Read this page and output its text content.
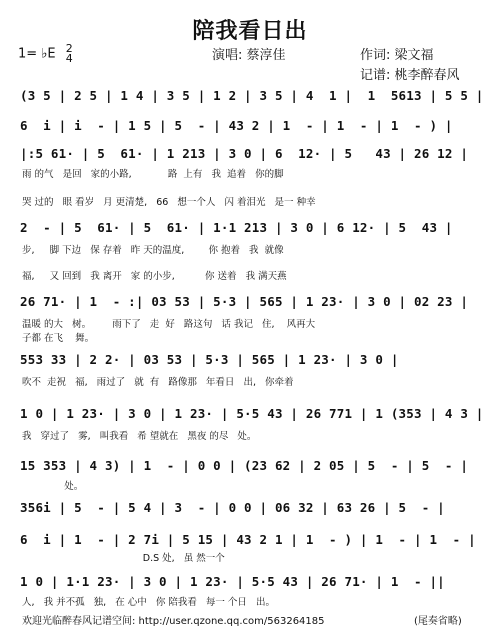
陪我看日出
1= ♭E 2
4	演唱: 蔡淳佳	作词: 梁文福
记谱: 桃李醉春风
(3 5 | 2 5 | 1 4 | 3 5 | 1 2 | 3 5 | 4  1 |  1  5613 | 5 5 |
6  i | i  - | 1 5 | 5  - | 43 2 | 1  - | 1  - | 1  - ) |
|:5 61· | 5  61· | 1 213 | 3 0 | 6  12· | 5   43 | 26 12 |
雨 的气   是回   家的小路,            路  上有   我  追着   你的脚
哭 过的   眼 看岁   月 更清楚,   66   想一个人   闪 着泪光   是一 种幸
2  - | 5  61· | 5  61· | 1·1 213 | 3 0 | 6 12· | 5  43 |
步,     脚 下边   保 存着   昨 天的温度,        你 抱着   我  就像
福,     又 回到   我 离开   家 的小步,          你 送着   我 满天燕
26 71· | 1  - :| 03 53 | 5·3 | 565 | 1 23· | 3 0 | 02 23 |
温暖 的大   树。       雨下了   走  好   路这句   话 我记   住,    风再大
子都 在飞    舞。
553 33 | 2 2· | 03 53 | 5·3 | 565 | 1 23· | 3 0 |
吹不  走祝   福,   雨过了   就  有   路像那   年看日   出,   你牵着
1 0 | 1 23· | 3 0 | 1 23· | 5·5 43 | 26 771 | 1 (353 | 4 3 |
我   穿过了   雾,   叫我看   希 望就在   黑夜 的尽   处。
15 353 | 4 3) | 1  - | 0 0 | (23 62 | 2 05 | 5  - | 5  - |
处。
356i | 5  - | 5 4 | 3  - | 0 0 | 06 32 | 63 26 | 5  - |
6  i | 1  - | 2 7i | 5 15 | 43 2 1 | 1  - ) | 1  - | 1  - |
D.S 处,   虽 然一个
1 0 | 1·1 23· | 3 0 | 1 23· | 5·5 43 | 26 71· | 1  - ||
人,   我 并不孤   独,   在 心中   你 陪我看   每一 个日   出。
欢迎光临醉春风记谱空间: http://user.qzone.qq.com/563264185	(尾奏省略)
